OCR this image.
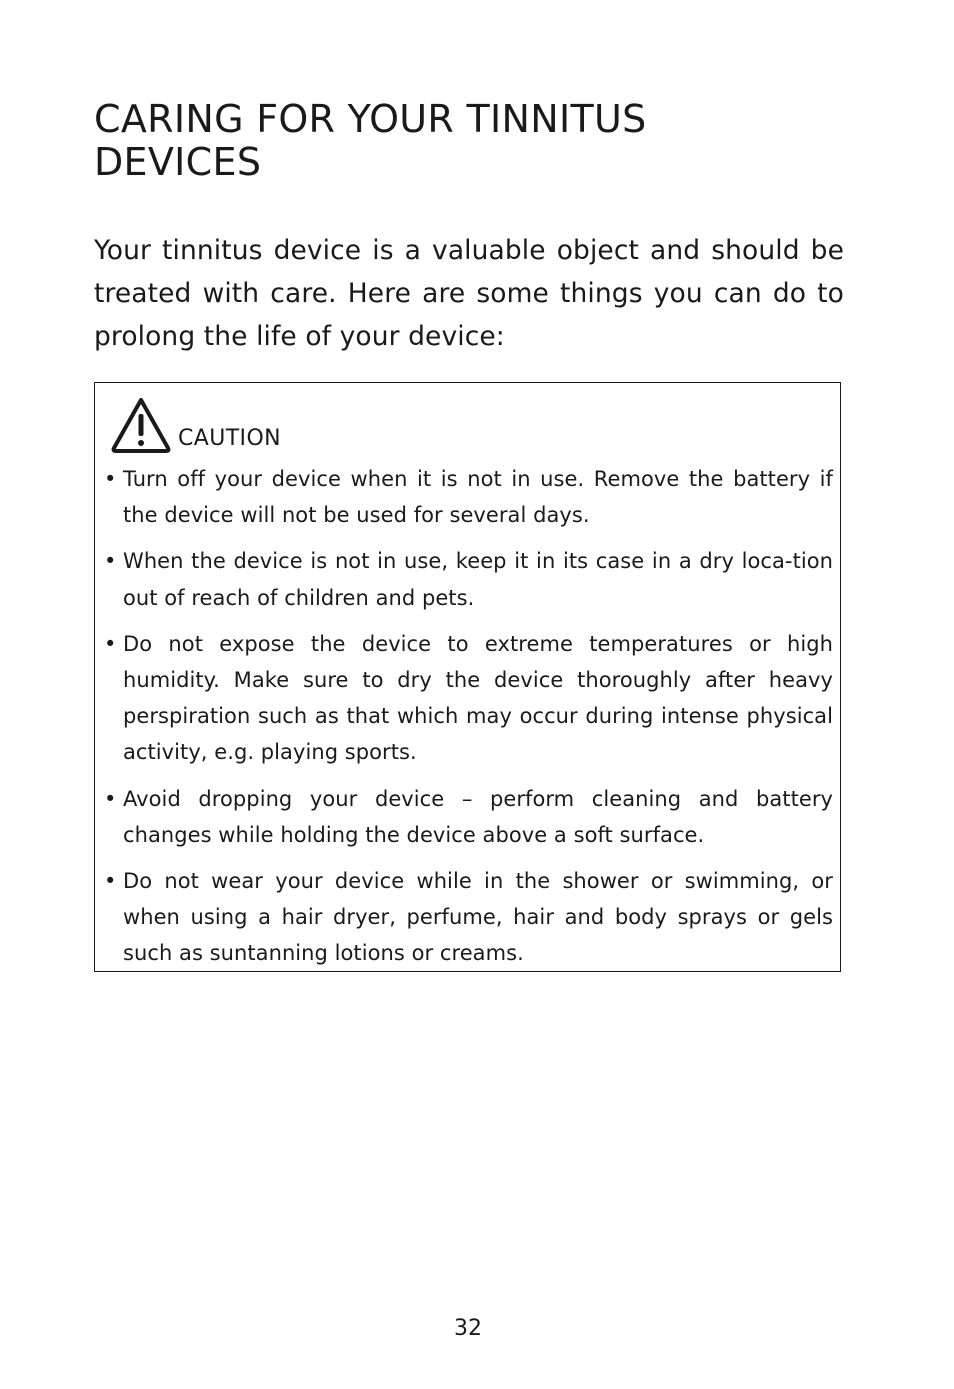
CARING FOR YOUR TINNITUS DEVICES

Your tinnitus device is a valuable object and should be treated with care. Here are some things you can do to prolong the life of your device:

CAUTION
• Turn off your device when it is not in use. Remove the battery if the device will not be used for several days.
• When the device is not in use, keep it in its case in a dry loca-tion out of reach of children and pets.
• Do not expose the device to extreme temperatures or high humidity. Make sure to dry the device thoroughly after heavy perspiration such as that which may occur during intense physical activity, e.g. playing sports.
• Avoid dropping your device – perform cleaning and battery changes while holding the device above a soft surface.
• Do not wear your device while in the shower or swimming, or when using a hair dryer, perfume, hair and body sprays or gels such as suntanning lotions or creams.
32
